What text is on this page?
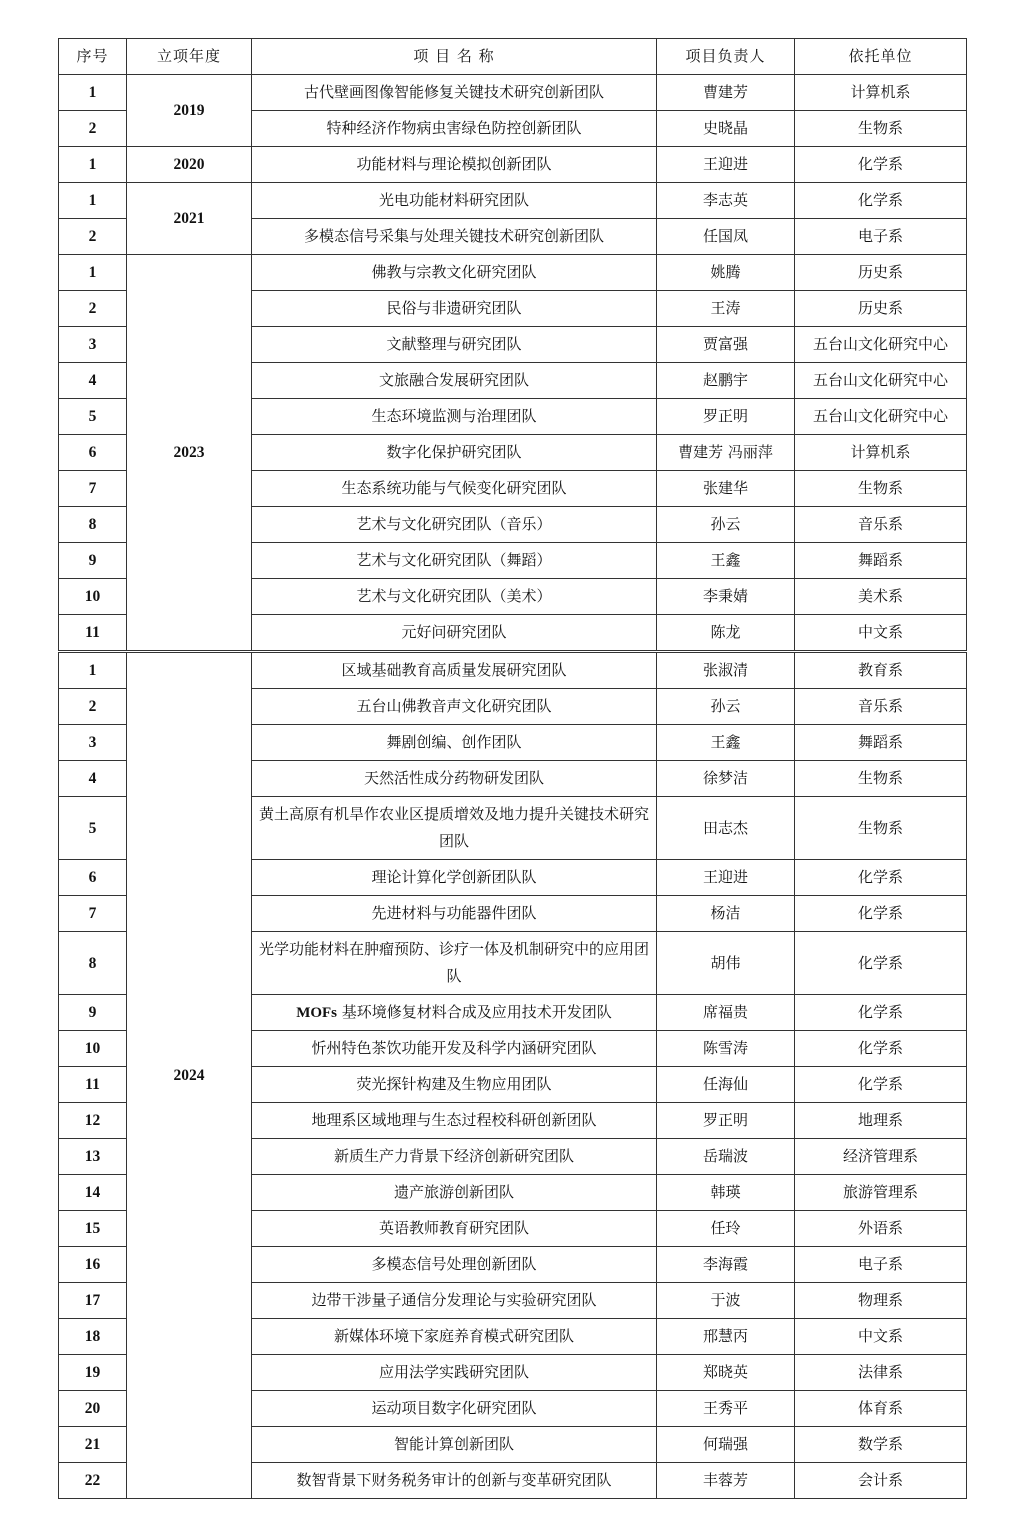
序号	立项年度	项 目 名 称	项目负责人	依托单位
1	2019	古代壁画图像智能修复关键技术研究创新团队	曹建芳	计算机系
2		特种经济作物病虫害绿色防控创新团队	史晓晶	生物系
1	2020	功能材料与理论模拟创新团队	王迎进	化学系
1	2021	光电功能材料研究团队	李志英	化学系
2		多模态信号采集与处理关键技术研究创新团队	任国凤	电子系
1	2023	佛教与宗教文化研究团队	姚腾	历史系
2		民俗与非遗研究团队	王涛	历史系
3		文献整理与研究团队	贾富强	五台山文化研究中心
4		文旅融合发展研究团队	赵鹏宇	五台山文化研究中心
5		生态环境监测与治理团队	罗正明	五台山文化研究中心
6		数字化保护研究团队	曹建芳 冯丽萍	计算机系
7		生态系统功能与气候变化研究团队	张建华	生物系
8		艺术与文化研究团队（音乐）	孙云	音乐系
9		艺术与文化研究团队（舞蹈）	王鑫	舞蹈系
10		艺术与文化研究团队（美术）	李秉婧	美术系
11		元好问研究团队	陈龙	中文系
1	2024	区域基础教育高质量发展研究团队	张淑清	教育系
2		五台山佛教音声文化研究团队	孙云	音乐系
3		舞剧创编、创作团队	王鑫	舞蹈系
4		天然活性成分药物研发团队	徐梦洁	生物系
5		黄土高原有机旱作农业区提质增效及地力提升关键技术研究团队	田志杰	生物系
6		理论计算化学创新团队队	王迎进	化学系
7		先进材料与功能器件团队	杨洁	化学系
8		光学功能材料在肿瘤预防、诊疗一体及机制研究中的应用团队	胡伟	化学系
9		MOFs 基环境修复材料合成及应用技术开发团队	席福贵	化学系
10		忻州特色茶饮功能开发及科学内涵研究团队	陈雪涛	化学系
11		荧光探针构建及生物应用团队	任海仙	化学系
12		地理系区域地理与生态过程校科研创新团队	罗正明	地理系
13		新质生产力背景下经济创新研究团队	岳瑞波	经济管理系
14		遗产旅游创新团队	韩瑛	旅游管理系
15		英语教师教育研究团队	任玲	外语系
16		多模态信号处理创新团队	李海霞	电子系
17		边带干涉量子通信分发理论与实验研究团队	于波	物理系
18		新媒体环境下家庭养育模式研究团队	邢慧丙	中文系
19		应用法学实践研究团队	郑晓英	法律系
20		运动项目数字化研究团队	王秀平	体育系
21		智能计算创新团队	何瑞强	数学系
22		数智背景下财务税务审计的创新与变革研究团队	丰蓉芳	会计系
